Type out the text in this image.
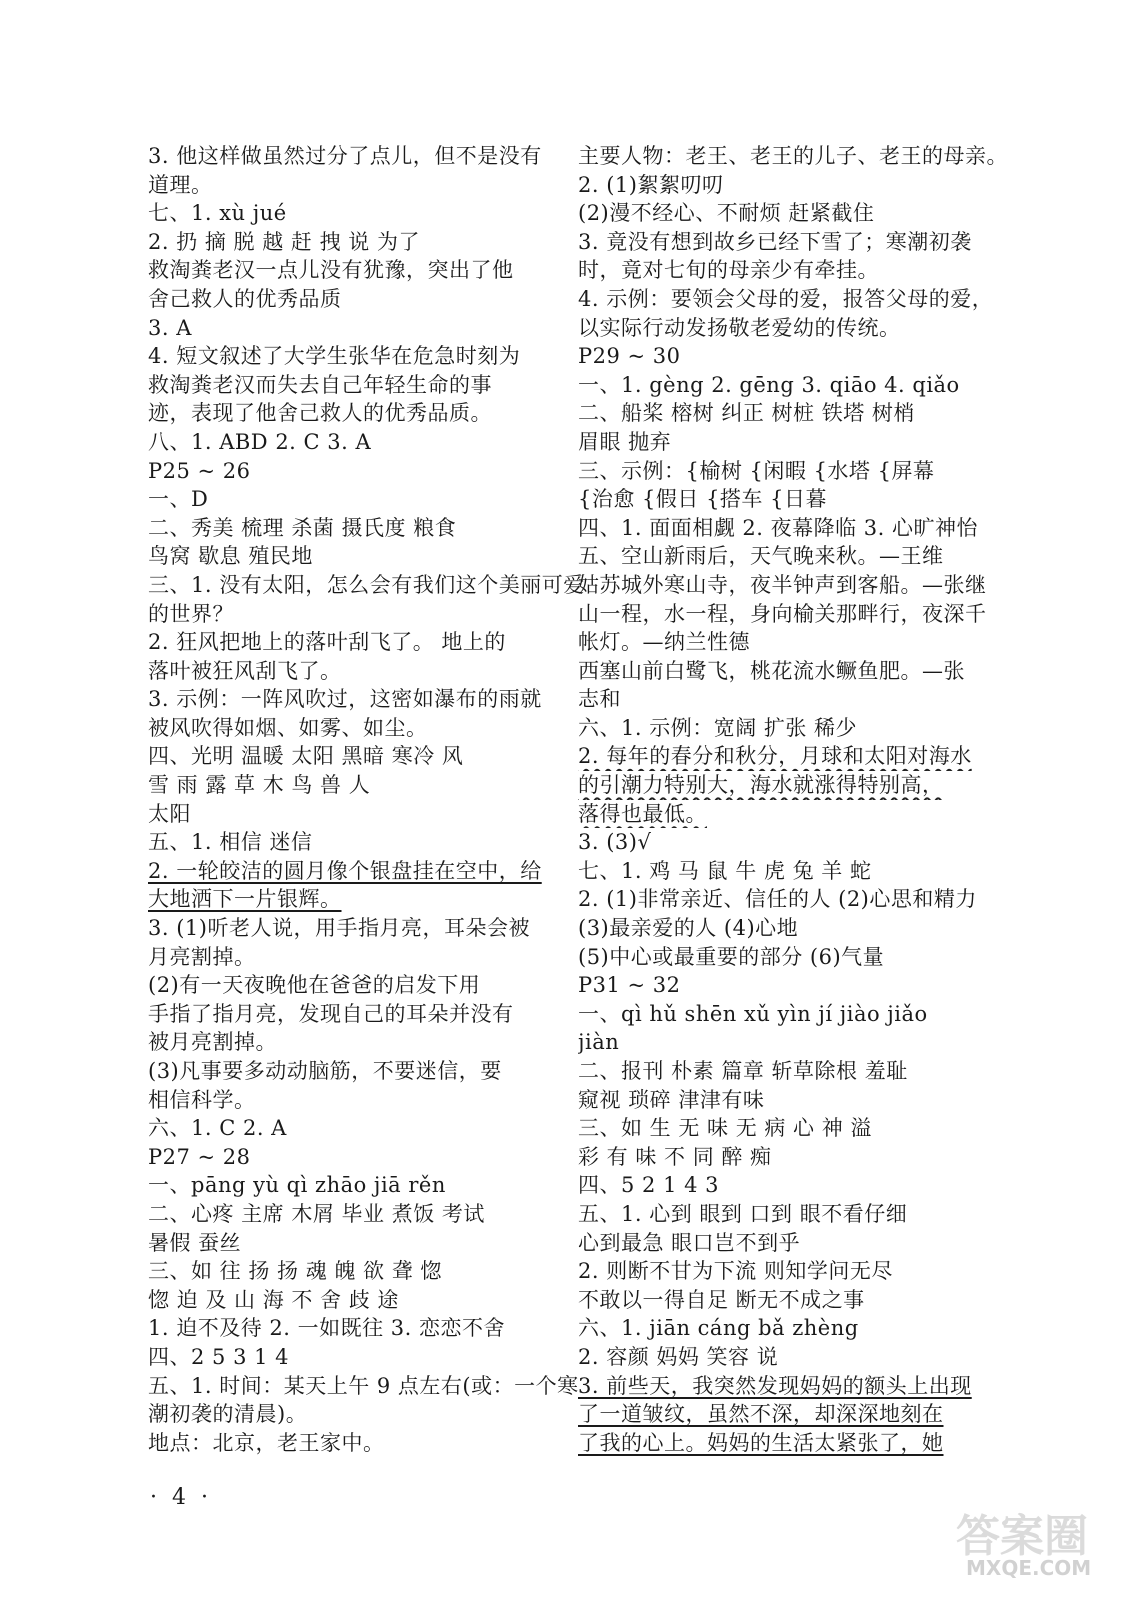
3. 他这样做虽然过分了点儿，但不是没有
道理。
七、1. xù jué
2. 扔 摘 脱 越 赶 拽 说 为了
救淘粪老汉一点儿没有犹豫，突出了他
舍己救人的优秀品质
3. A
4. 短文叙述了大学生张华在危急时刻为
救淘粪老汉而失去自己年轻生命的事
迹，表现了他舍己救人的优秀品质。
八、1. ABD 2. C 3. A
P25 ~ 26
一、D
二、秀美 梳理 杀菌 摄氏度 粮食
鸟窝 歇息 殖民地
三、1. 没有太阳，怎么会有我们这个美丽可爱
的世界？
2. 狂风把地上的落叶刮飞了。 地上的
落叶被狂风刮飞了。
3. 示例：一阵风吹过，这密如瀑布的雨就
被风吹得如烟、如雾、如尘。
四、光明 温暖 太阳 黑暗 寒冷 风
雪 雨 露 草 木 鸟 兽 人
太阳
五、1. 相信 迷信
2. 一轮皎洁的圆月像个银盘挂在空中，给
大地洒下一片银辉。
3. (1)听老人说，用手指月亮，耳朵会被
月亮割掉。
(2)有一天夜晚他在爸爸的启发下用
手指了指月亮，发现自己的耳朵并没有
被月亮割掉。
(3)凡事要多动动脑筋，不要迷信，要
相信科学。
六、1. C 2. A
P27 ~ 28
一、pāng yù qì zhāo jiā rěn
二、心疼 主席 木屑 毕业 煮饭 考试
暑假 蚕丝
三、如 往 扬 扬 魂 魄 欲 聋 惚
惚 迫 及 山 海 不 舍 歧 途
1. 迫不及待 2. 一如既往 3. 恋恋不舍
四、2 5 3 1 4
五、1. 时间：某天上午 9 点左右(或：一个寒
潮初袭的清晨)。
地点：北京，老王家中。
主要人物：老王、老王的儿子、老王的母亲。
2. (1)絮絮叨叨
(2)漫不经心、不耐烦 赶紧截住
3. 竟没有想到故乡已经下雪了；寒潮初袭
时，竟对七旬的母亲少有牵挂。
4. 示例：要领会父母的爱，报答父母的爱，
以实际行动发扬敬老爱幼的传统。
P29 ~ 30
一、1. gèng 2. gēng 3. qiāo 4. qiǎo
二、船桨 榕树 纠正 树桩 铁塔 树梢
眉眼 抛弃
三、示例：{榆树 {闲暇 {水塔 {屏幕
{治愈 {假日 {搭车 {日暮
四、1. 面面相觑 2. 夜幕降临 3. 心旷神怡
五、空山新雨后，天气晚来秋。—王维
姑苏城外寒山寺，夜半钟声到客船。—张继
山一程，水一程，身向榆关那畔行，夜深千
帐灯。—纳兰性德
西塞山前白鹭飞，桃花流水鳜鱼肥。—张
志和
六、1. 示例：宽阔 扩张 稀少
2. 每年的春分和秋分，月球和太阳对海水
的引潮力特别大，海水就涨得特别高，
落得也最低。
3. (3)√
七、1. 鸡 马 鼠 牛 虎 兔 羊 蛇
2. (1)非常亲近、信任的人 (2)心思和精力
(3)最亲爱的人 (4)心地
(5)中心或最重要的部分 (6)气量
P31 ~ 32
一、qì hǔ shēn xǔ yìn jí jiào jiǎo
jiàn
二、报刊 朴素 篇章 斩草除根 羞耻
窥视 琐碎 津津有味
三、如 生 无 味 无 病 心 神 溢
彩 有 味 不 同 醉 痴
四、5 2 1 4 3
五、1. 心到 眼到 口到 眼不看仔细
心到最急 眼口岂不到乎
2. 则断不甘为下流 则知学问无尽
不敢以一得自足 断无不成之事
六、1. jiān cáng bǎ zhèng
2. 容颜 妈妈 笑容 说
3. 前些天，我突然发现妈妈的额头上出现
了一道皱纹，虽然不深，却深深地刻在
了我的心上。妈妈的生活太紧张了，她
· 4 ·
答案圈
MXQE.COM
